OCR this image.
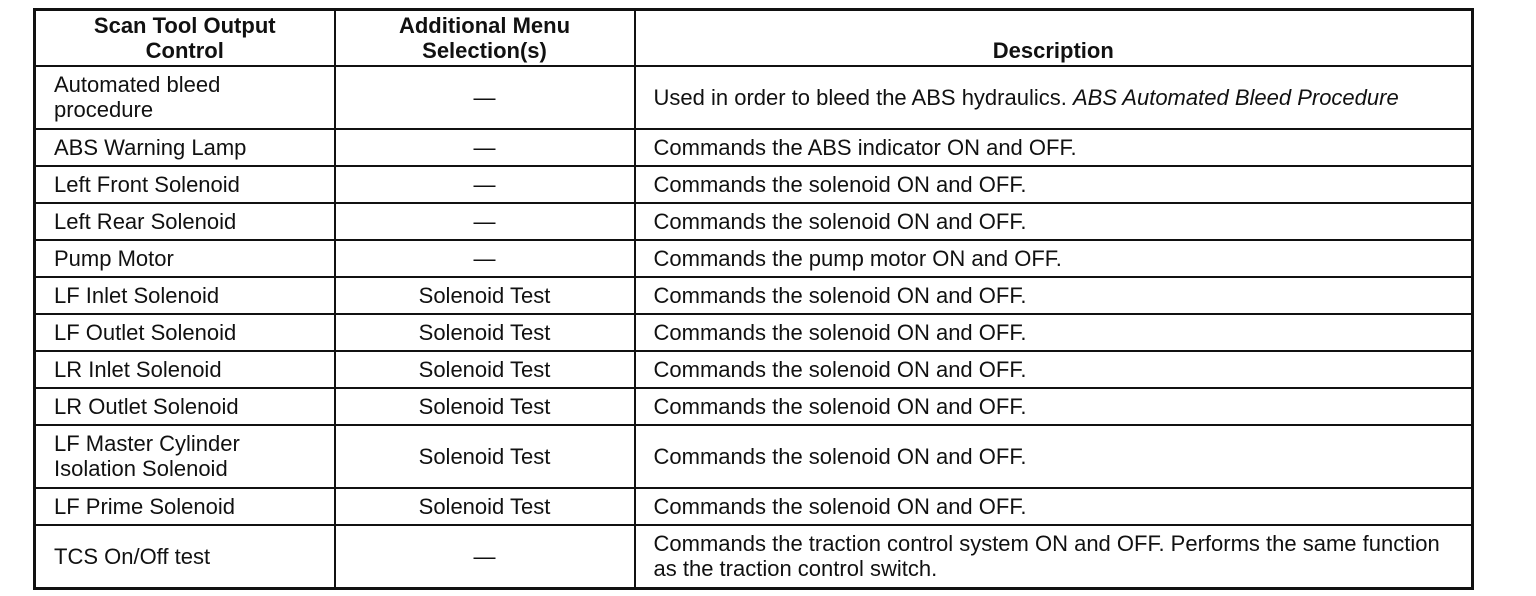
Scan Tool Output Control	Additional Menu Selection(s)	Description
Automated bleed procedure	—	Used in order to bleed the ABS hydraulics. ABS Automated Bleed Procedure
ABS Warning Lamp	—	Commands the ABS indicator ON and OFF.
Left Front Solenoid	—	Commands the solenoid ON and OFF.
Left Rear Solenoid	—	Commands the solenoid ON and OFF.
Pump Motor	—	Commands the pump motor ON and OFF.
LF Inlet Solenoid	Solenoid Test	Commands the solenoid ON and OFF.
LF Outlet Solenoid	Solenoid Test	Commands the solenoid ON and OFF.
LR Inlet Solenoid	Solenoid Test	Commands the solenoid ON and OFF.
LR Outlet Solenoid	Solenoid Test	Commands the solenoid ON and OFF.
LF Master Cylinder Isolation Solenoid	Solenoid Test	Commands the solenoid ON and OFF.
LF Prime Solenoid	Solenoid Test	Commands the solenoid ON and OFF.
TCS On/Off test	—	Commands the traction control system ON and OFF. Performs the same function as the traction control switch.
